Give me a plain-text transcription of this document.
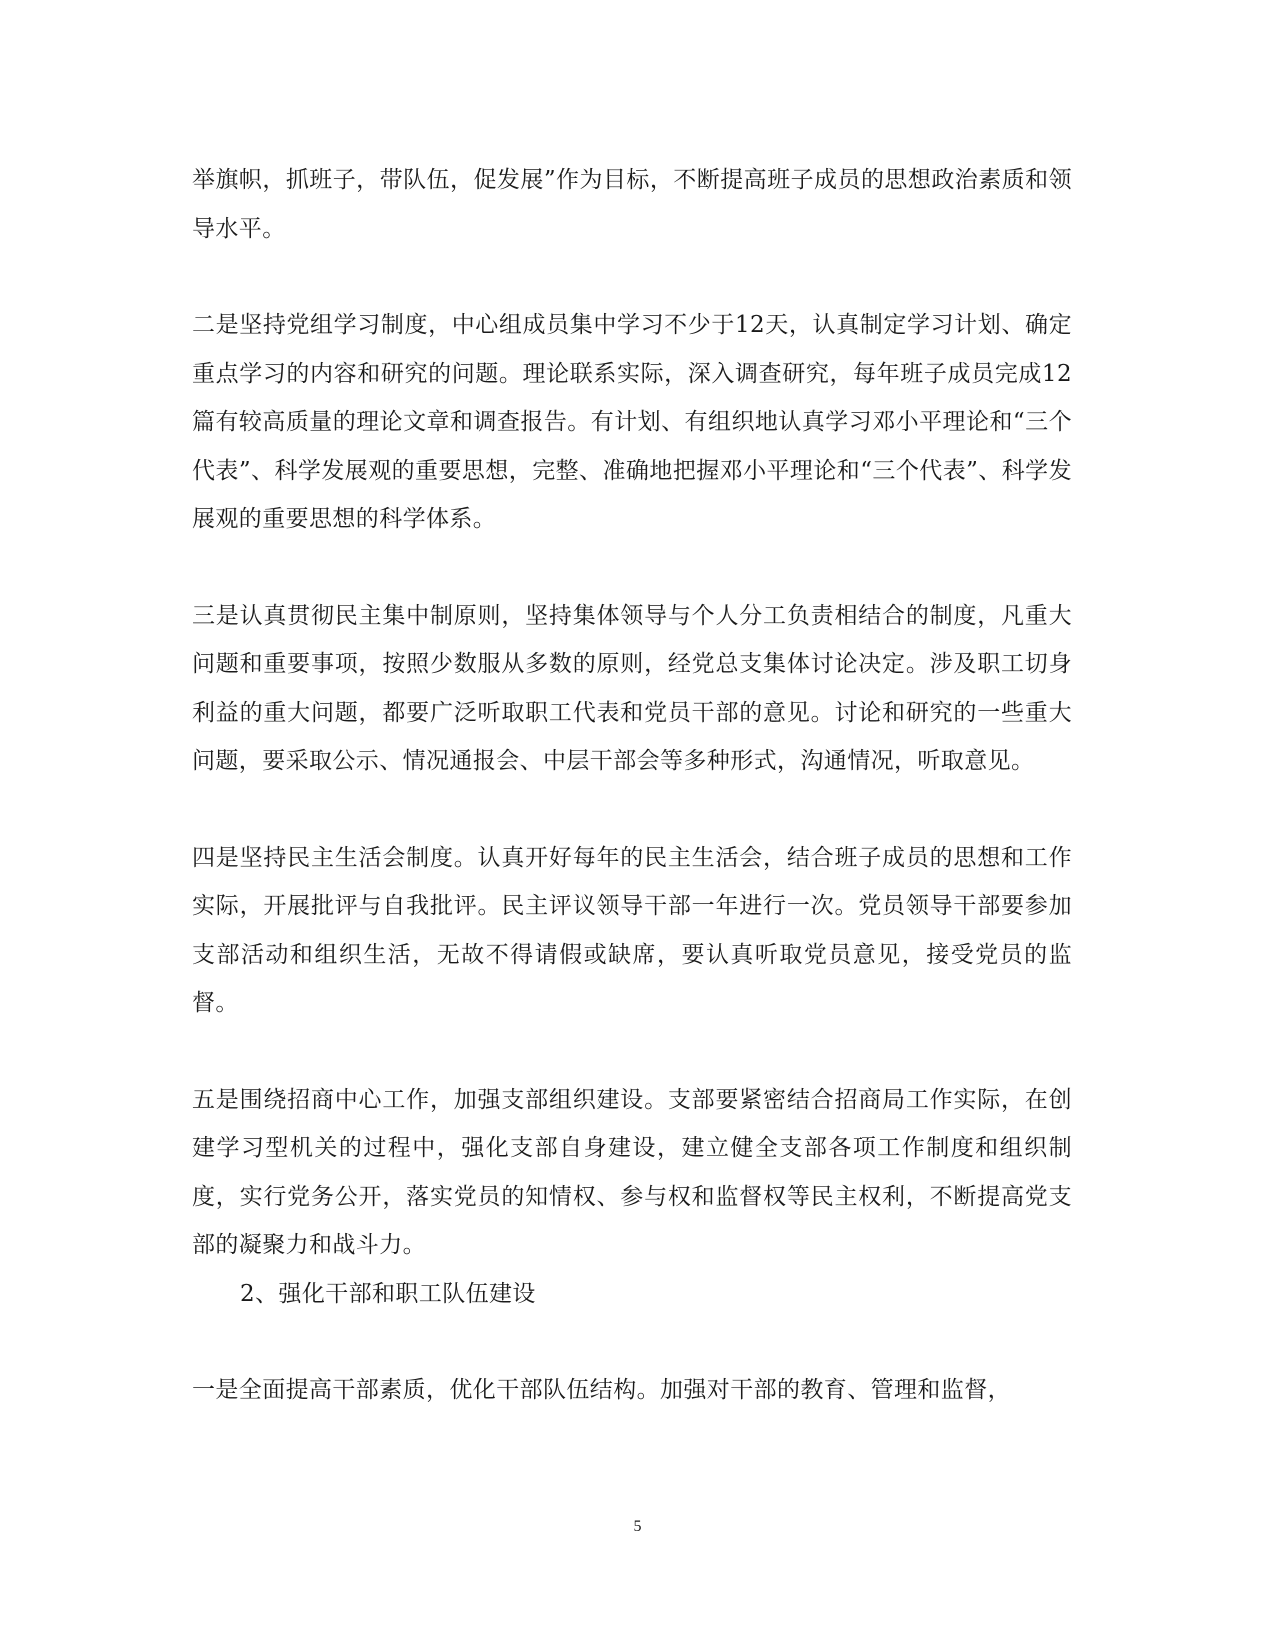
举旗帜，抓班子，带队伍，促发展”作为目标，不断提高班子成员的思想政治素质和领导水平。

二是坚持党组学习制度，中心组成员集中学习不少于12天，认真制定学习计划、确定重点学习的内容和研究的问题。理论联系实际，深入调查研究，每年班子成员完成12篇有较高质量的理论文章和调查报告。有计划、有组织地认真学习邓小平理论和“三个代表”、科学发展观的重要思想，完整、准确地把握邓小平理论和“三个代表”、科学发展观的重要思想的科学体系。

三是认真贯彻民主集中制原则，坚持集体领导与个人分工负责相结合的制度，凡重大问题和重要事项，按照少数服从多数的原则，经党总支集体讨论决定。涉及职工切身利益的重大问题，都要广泛听取职工代表和党员干部的意见。讨论和研究的一些重大问题，要采取公示、情况通报会、中层干部会等多种形式，沟通情况，听取意见。

四是坚持民主生活会制度。认真开好每年的民主生活会，结合班子成员的思想和工作实际，开展批评与自我批评。民主评议领导干部一年进行一次。党员领导干部要参加支部活动和组织生活，无故不得请假或缺席，要认真听取党员意见，接受党员的监督。

五是围绕招商中心工作，加强支部组织建设。支部要紧密结合招商局工作实际，在创建学习型机关的过程中，强化支部自身建设，建立健全支部各项工作制度和组织制度，实行党务公开，落实党员的知情权、参与权和监督权等民主权利，不断提高党支部的凝聚力和战斗力。

2、强化干部和职工队伍建设

一是全面提高干部素质，优化干部队伍结构。加强对干部的教育、管理和监督，

5
